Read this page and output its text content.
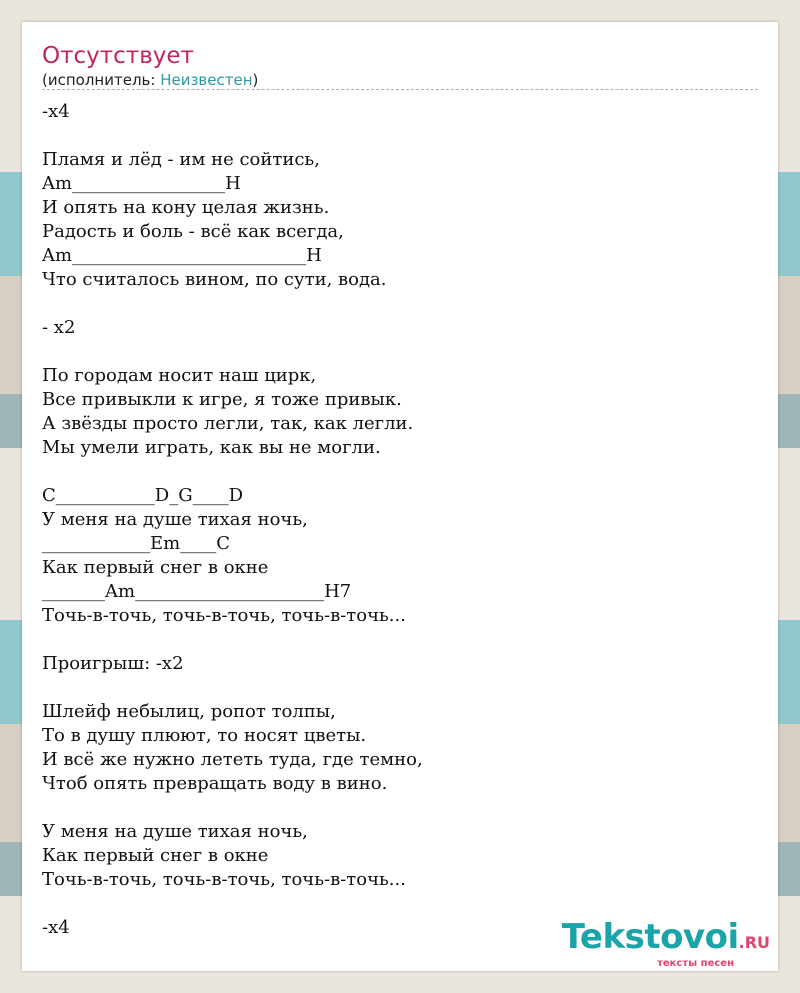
Отсутствует
(исполнитель: Неизвестен)
-x4

Пламя и лёд - им не сойтись,
Am_________________H
И опять на кону целая жизнь.
Радость и боль - всё как всегда,
Am__________________________H
Что считалось вином, по сути, вода.

- x2

По городам носит наш цирк,
Все привыкли к игре, я тоже привык.
А звёзды просто легли, так, как легли.
Мы умели играть, как вы не могли.

C___________D_G____D
У меня на душе тихая ночь,
____________Em____C
Как первый снег в окне
_______Am_____________________H7
Точь-в-точь, точь-в-точь, точь-в-точь...

Проигрыш: -x2

Шлейф небылиц, ропот толпы,
То в душу плюют, то носят цветы.
И всё же нужно лететь туда, где темно,
Чтоб опять превращать воду в вино.

У меня на душе тихая ночь,
Как первый снег в окне
Точь-в-точь, точь-в-точь, точь-в-точь...

-x4	Tekstovoi.RU
тексты песен
